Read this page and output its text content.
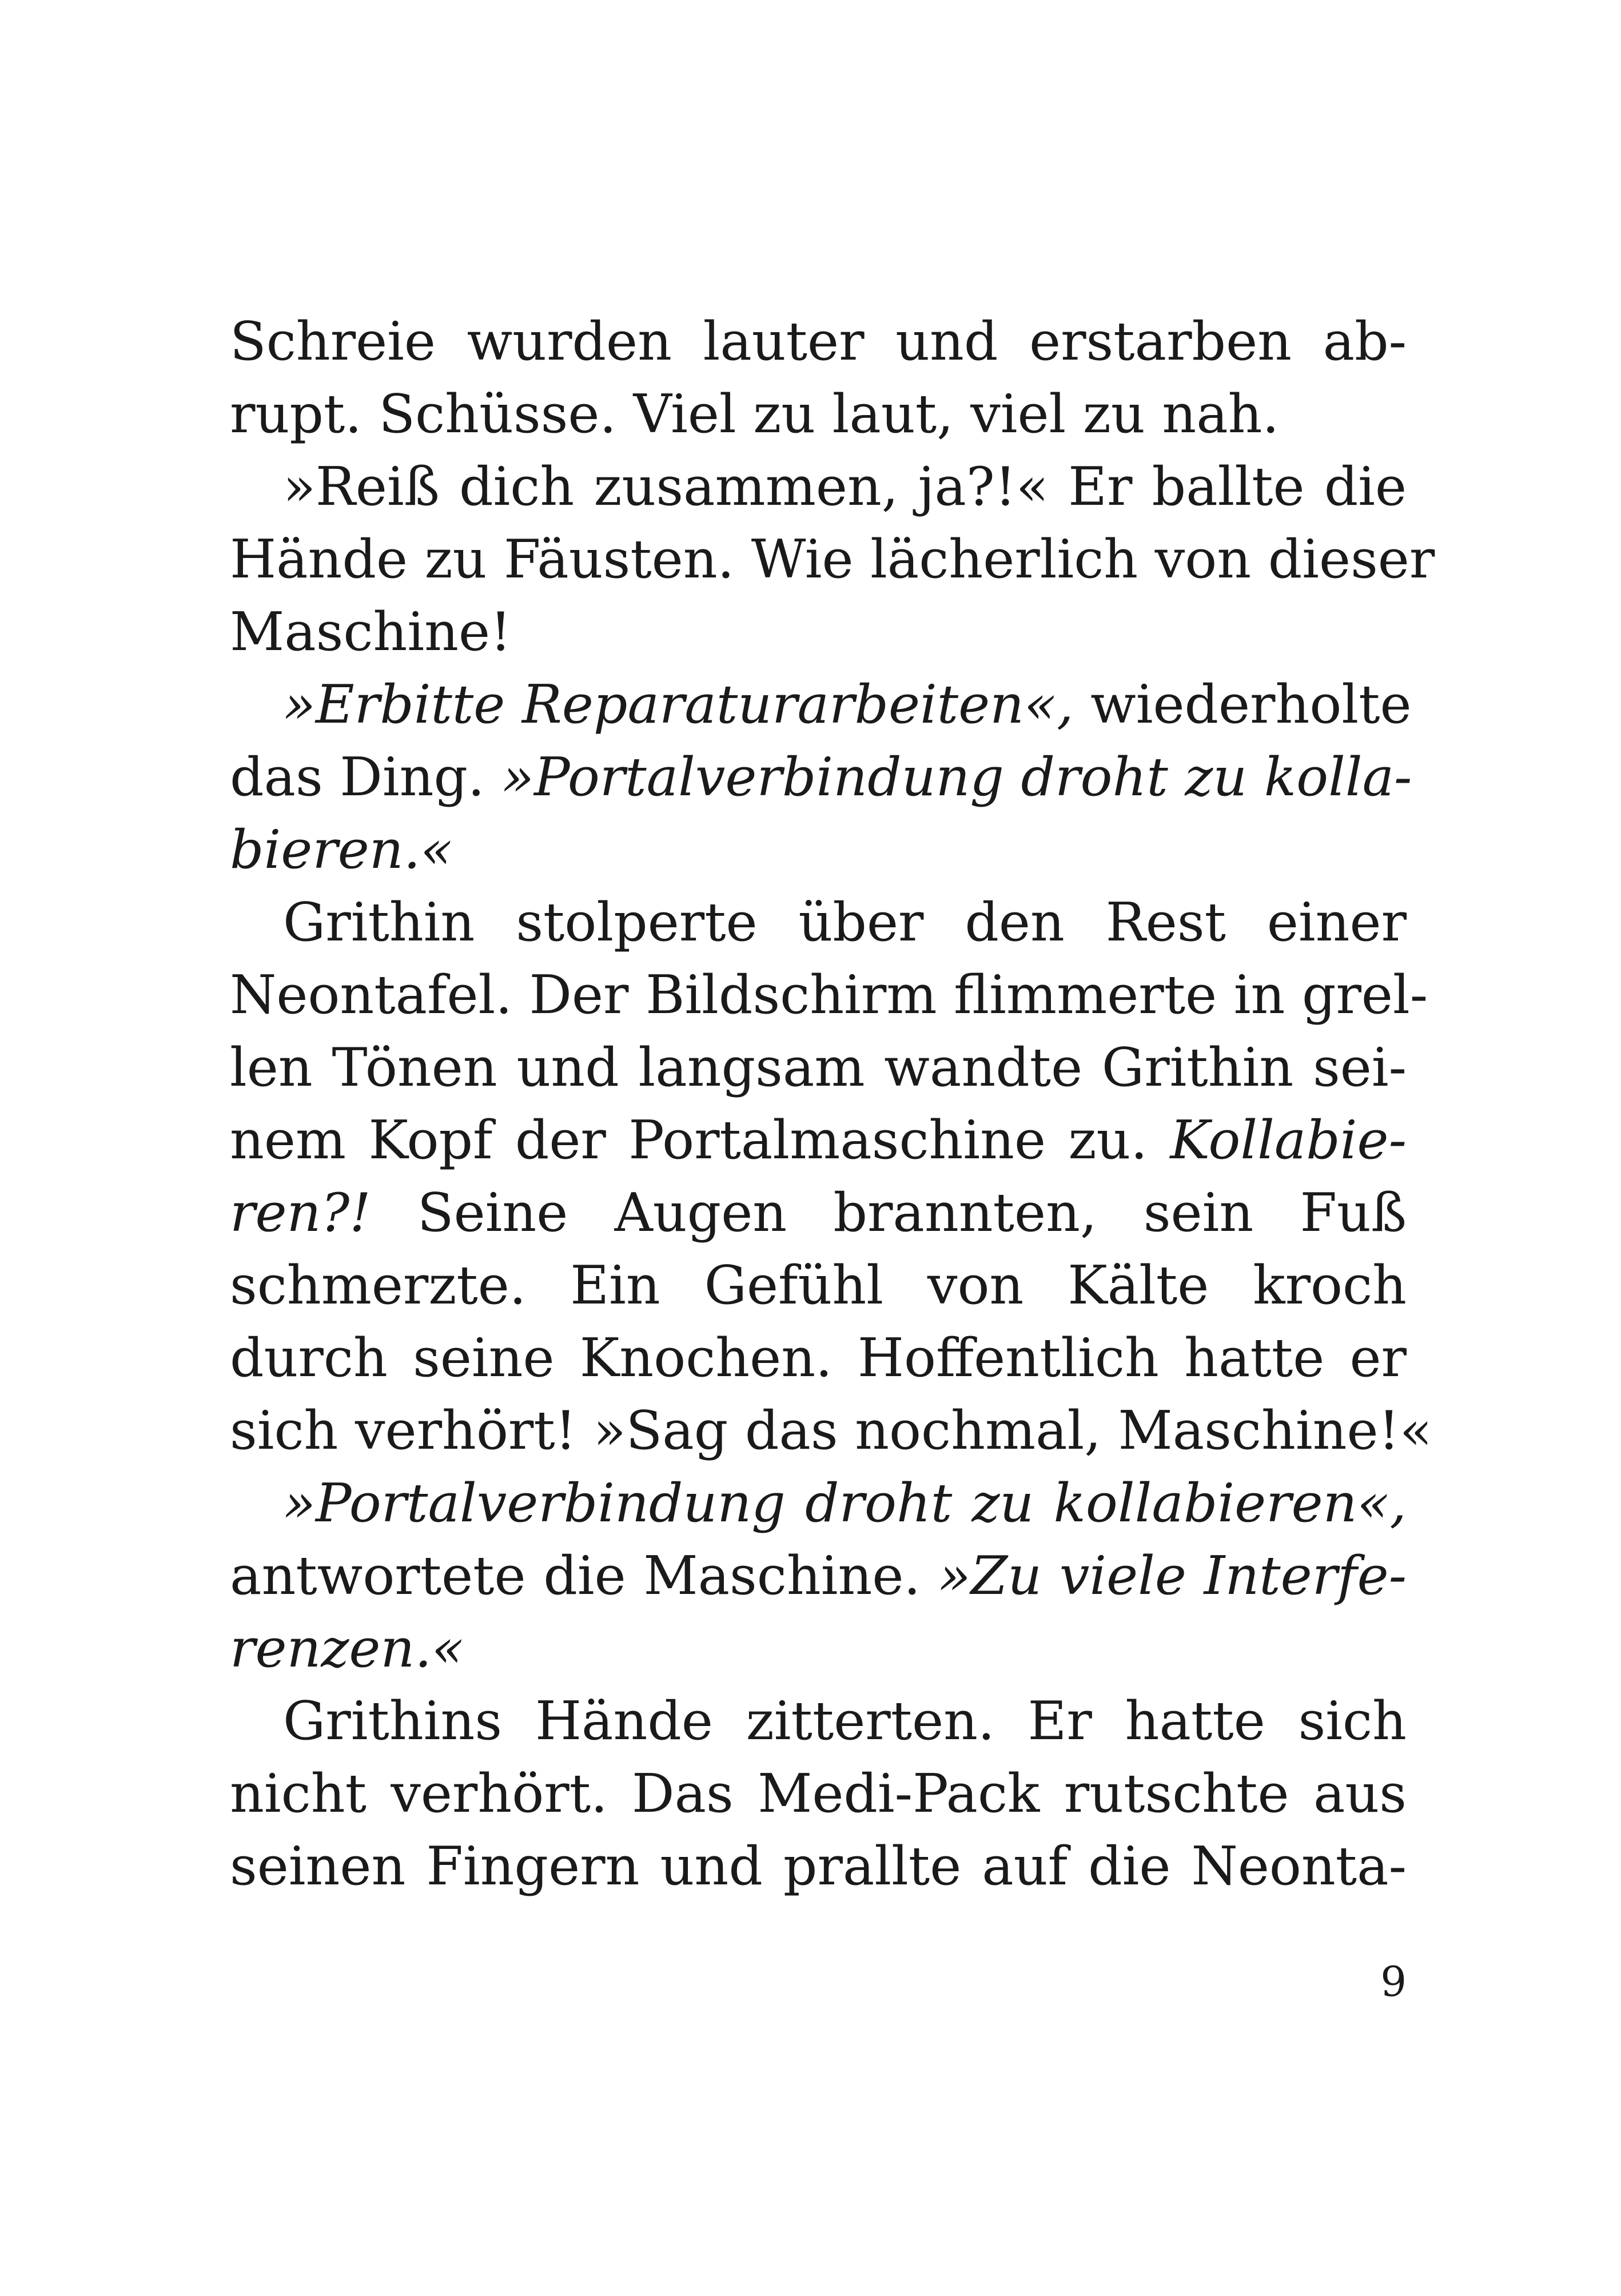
Schreie wurden lauter und erstarben ab-
rupt. Schüsse. Viel zu laut, viel zu nah.
»Reiß dich zusammen, ja?!« Er ballte die
Hände zu Fäusten. Wie lächerlich von dieser
Maschine!
»Erbitte Reparaturarbeiten«, wiederholte
das Ding. »Portalverbindung droht zu kolla-
bieren.«
Grithin stolperte über den Rest einer
Neontafel. Der Bildschirm flimmerte in grel-
len Tönen und langsam wandte Grithin sei-
nem Kopf der Portalmaschine zu. Kollabie-
ren?! Seine Augen brannten, sein Fuß
schmerzte. Ein Gefühl von Kälte kroch
durch seine Knochen. Hoffentlich hatte er
sich verhört! »Sag das nochmal, Maschine!«
»Portalverbindung droht zu kollabieren«,
antwortete die Maschine. »Zu viele Interfe-
renzen.«
Grithins Hände zitterten. Er hatte sich
nicht verhört. Das Medi-Pack rutschte aus
seinen Fingern und prallte auf die Neonta-
9
